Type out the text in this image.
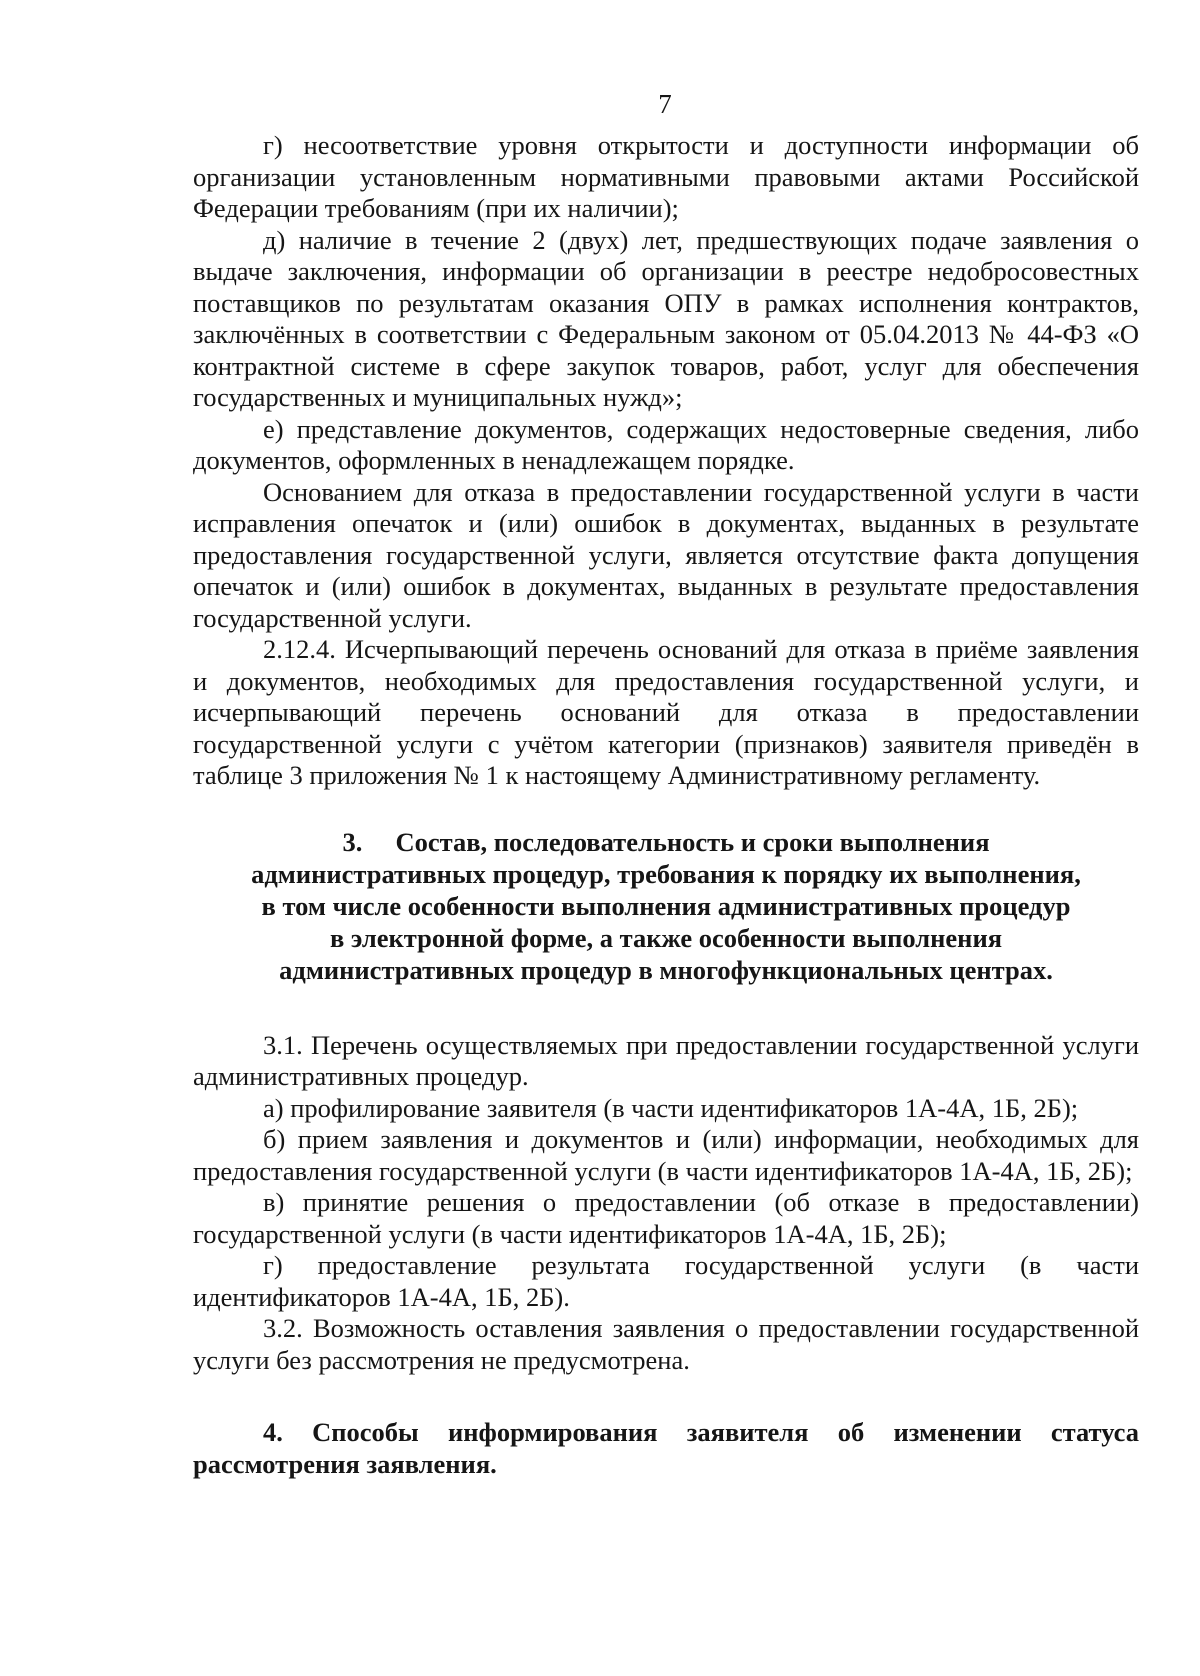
7

г) несоответствие уровня открытости и доступности информации об организации установленным нормативными правовыми актами Российской Федерации требованиям (при их наличии);

д) наличие в течение 2 (двух) лет, предшествующих подаче заявления о выдаче заключения, информации об организации в реестре недобросовестных поставщиков по результатам оказания ОПУ в рамках исполнения контрактов, заключённых в соответствии с Федеральным законом от 05.04.2013 № 44-ФЗ «О контрактной системе в сфере закупок товаров, работ, услуг для обеспечения государственных и муниципальных нужд»;

е) представление документов, содержащих недостоверные сведения, либо документов, оформленных в ненадлежащем порядке.

Основанием для отказа в предоставлении государственной услуги в части исправления опечаток и (или) ошибок в документах, выданных в результате предоставления государственной услуги, является отсутствие факта допущения опечаток и (или) ошибок в документах, выданных в результате предоставления государственной услуги.

2.12.4. Исчерпывающий перечень оснований для отказа в приёме заявления и документов, необходимых для предоставления государственной услуги, и исчерпывающий перечень оснований для отказа в предоставлении государственной услуги с учётом категории (признаков) заявителя приведён в таблице 3 приложения № 1 к настоящему Административному регламенту.

3.     Состав, последовательность и сроки выполнения
административных процедур, требования к порядку их выполнения,
в том числе особенности выполнения административных процедур
в электронной форме, а также особенности выполнения
административных процедур в многофункциональных центрах.

3.1. Перечень осуществляемых при предоставлении государственной услуги административных процедур.

а) профилирование заявителя (в части идентификаторов 1А-4А, 1Б, 2Б);

б) прием заявления и документов и (или) информации, необходимых для предоставления государственной услуги (в части идентификаторов 1А-4А, 1Б, 2Б);

в) принятие решения о предоставлении (об отказе в предоставлении) государственной услуги (в части идентификаторов 1А-4А, 1Б, 2Б);

г) предоставление результата государственной услуги (в части идентификаторов 1А-4А, 1Б, 2Б).

3.2. Возможность оставления заявления о предоставлении государственной услуги без рассмотрения не предусмотрена.

4. Способы информирования заявителя об изменении статуса рассмотрения заявления.
